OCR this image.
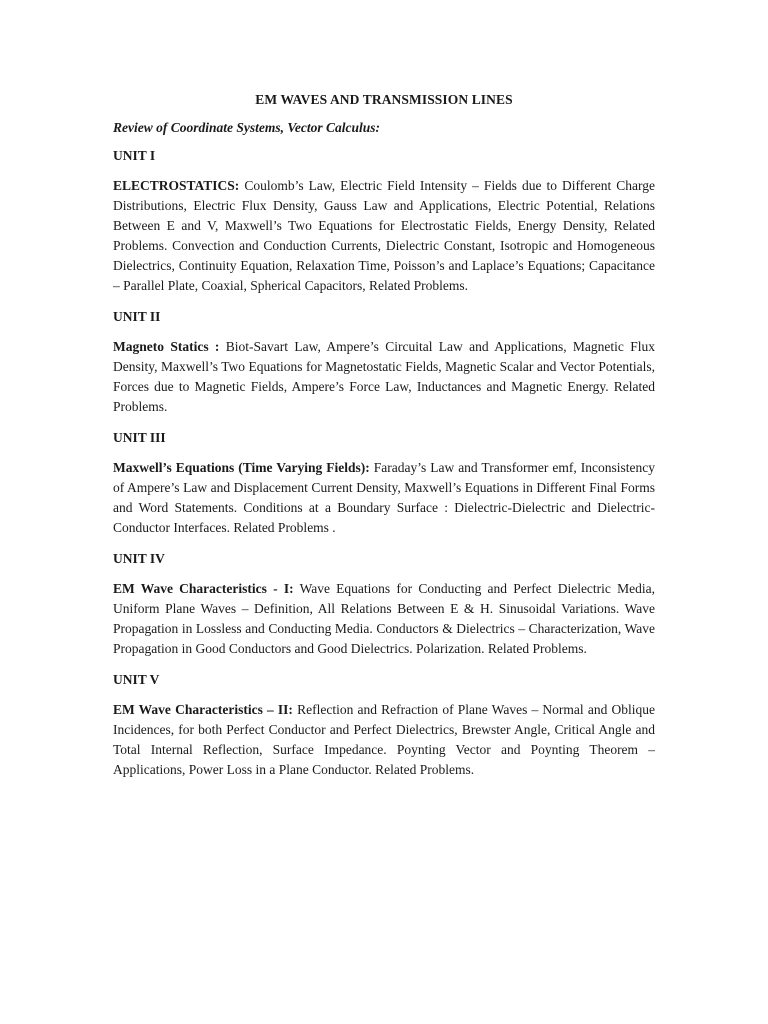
EM WAVES AND TRANSMISSION LINES
Review of Coordinate Systems, Vector Calculus:
UNIT I

ELECTROSTATICS: Coulomb’s Law, Electric Field Intensity – Fields due to Different Charge Distributions, Electric Flux Density, Gauss Law and Applications, Electric Potential, Relations Between E and V, Maxwell’s Two Equations for Electrostatic Fields, Energy Density, Related Problems. Convection and Conduction Currents, Dielectric Constant, Isotropic and Homogeneous Dielectrics, Continuity Equation, Relaxation Time, Poisson’s and Laplace’s Equations; Capacitance – Parallel Plate, Coaxial, Spherical Capacitors, Related Problems.

UNIT II

Magneto Statics : Biot-Savart Law, Ampere’s Circuital Law and Applications, Magnetic Flux Density, Maxwell’s Two Equations for Magnetostatic Fields, Magnetic Scalar and Vector Potentials, Forces due to Magnetic Fields, Ampere’s Force Law, Inductances and Magnetic Energy. Related Problems.

UNIT III

Maxwell’s Equations (Time Varying Fields): Faraday’s Law and Transformer emf, Inconsistency of Ampere’s Law and Displacement Current Density, Maxwell’s Equations in Different Final Forms and Word Statements. Conditions at a Boundary Surface : Dielectric-Dielectric and Dielectric-Conductor Interfaces. Related Problems .

UNIT IV

EM Wave Characteristics - I: Wave Equations for Conducting and Perfect Dielectric Media, Uniform Plane Waves – Definition, All Relations Between E & H. Sinusoidal Variations. Wave Propagation in Lossless and Conducting Media. Conductors & Dielectrics – Characterization, Wave Propagation in Good Conductors and Good Dielectrics. Polarization. Related Problems.

UNIT V

EM Wave Characteristics – II: Reflection and Refraction of Plane Waves – Normal and Oblique Incidences, for both Perfect Conductor and Perfect Dielectrics, Brewster Angle, Critical Angle and Total Internal Reflection, Surface Impedance. Poynting Vector and Poynting Theorem – Applications, Power Loss in a Plane Conductor. Related Problems.
